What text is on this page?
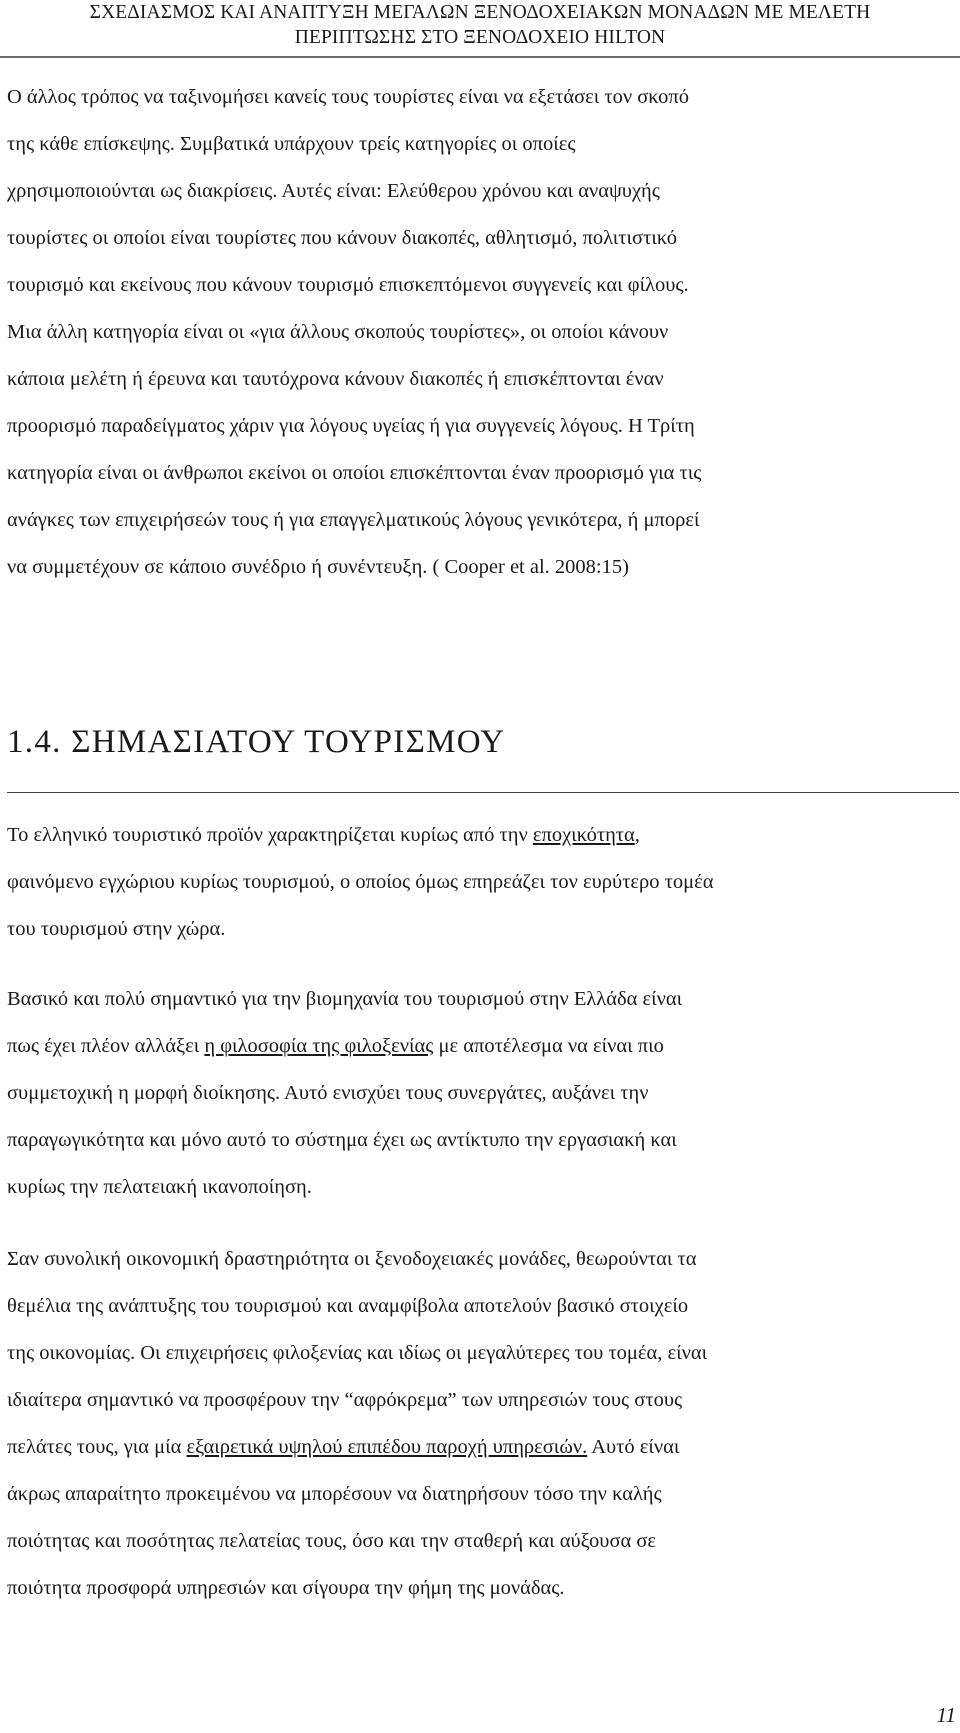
ΣΧΕΔΙΑΣΜΟΣ ΚΑΙ ΑΝΑΠΤΥΞΗ ΜΕΓΑΛΩΝ ΞΕΝΟΔΟΧΕΙΑΚΩΝ ΜΟΝΑΔΩΝ ΜΕ ΜΕΛΕΤΗ
ΠΕΡΙΠΤΩΣΗΣ ΣΤΟ ΞΕΝΟΔΟΧΕΙΟ HILTON

Ο άλλος τρόπος να ταξινομήσει κανείς τους τουρίστες είναι να εξετάσει τον σκοπό
της κάθε επίσκεψης. Συμβατικά υπάρχουν τρείς κατηγορίες οι οποίες
χρησιμοποιούνται ως διακρίσεις. Αυτές είναι: Ελεύθερου χρόνου και αναψυχής
τουρίστες οι οποίοι είναι τουρίστες που κάνουν διακοπές, αθλητισμό, πολιτιστικό
τουρισμό και εκείνους που κάνουν τουρισμό επισκεπτόμενοι συγγενείς και φίλους.
Μια άλλη κατηγορία είναι οι «για άλλους σκοπούς τουρίστες», οι οποίοι κάνουν
κάποια μελέτη ή έρευνα και ταυτόχρονα κάνουν διακοπές ή επισκέπτονται έναν
προορισμό παραδείγματος χάριν για λόγους υγείας ή για συγγενείς λόγους. Η Τρίτη
κατηγορία είναι οι άνθρωποι εκείνοι οι οποίοι επισκέπτονται έναν προορισμό για τις
ανάγκες των επιχειρήσεών τους ή για επαγγελματικούς λόγους γενικότερα, ή μπορεί
να συμμετέχουν σε κάποιο συνέδριο ή συνέντευξη. ( Cooper et al. 2008:15)

1.4. ΣΗΜΑΣΙΑΤΟΥ ΤΟΥΡΙΣΜΟΥ

Το ελληνικό τουριστικό προϊόν χαρακτηρίζεται κυρίως από την εποχικότητα,
φαινόμενο εγχώριου κυρίως τουρισμού, ο οποίος όμως επηρεάζει τον ευρύτερο τομέα
του τουρισμού στην χώρα.

Βασικό και πολύ σημαντικό για την βιομηχανία του τουρισμού στην Ελλάδα είναι
πως έχει πλέον αλλάξει η φιλοσοφία της φιλοξενίας με αποτέλεσμα να είναι πιο
συμμετοχική η μορφή διοίκησης. Αυτό ενισχύει τους συνεργάτες, αυξάνει την
παραγωγικότητα και μόνο αυτό το σύστημα έχει ως αντίκτυπο την εργασιακή και
κυρίως την πελατειακή ικανοποίηση.

Σαν συνολική οικονομική δραστηριότητα οι ξενοδοχειακές μονάδες, θεωρούνται τα
θεμέλια της ανάπτυξης του τουρισμού και αναμφίβολα αποτελούν βασικό στοιχείο
της οικονομίας. Οι επιχειρήσεις φιλοξενίας και ιδίως οι μεγαλύτερες του τομέα, είναι
ιδιαίτερα σημαντικό να προσφέρουν την “αφρόκρεμα” των υπηρεσιών τους στους
πελάτες τους, για μία εξαιρετικά υψηλού επιπέδου παροχή υπηρεσιών. Αυτό είναι
άκρως απαραίτητο προκειμένου να μπορέσουν να διατηρήσουν τόσο την καλής
ποιότητας και ποσότητας πελατείας τους, όσο και την σταθερή και αύξουσα σε
ποιότητα προσφορά υπηρεσιών και σίγουρα την φήμη της μονάδας.

11
